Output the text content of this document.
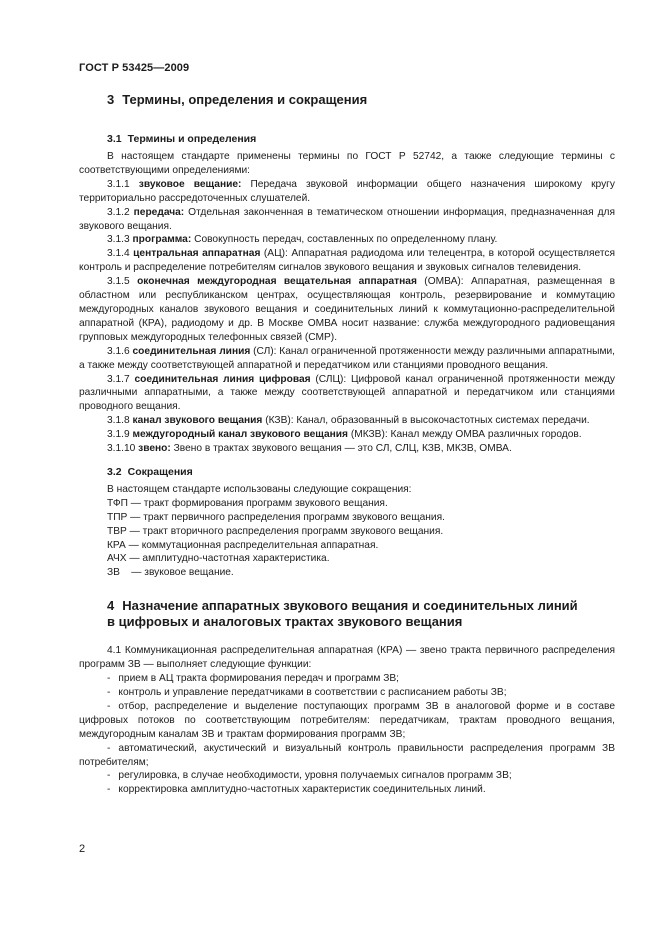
ГОСТ Р 53425—2009
3 Термины, определения и сокращения
3.1 Термины и определения

В настоящем стандарте применены термины по ГОСТ Р 52742, а также следующие термины с соответствующими определениями:

3.1.1 звуковое вещание: Передача звуковой информации общего назначения широкому кругу территориально рассредоточенных слушателей.

3.1.2 передача: Отдельная законченная в тематическом отношении информация, предназначенная для звукового вещания.

3.1.3 программа: Совокупность передач, составленных по определенному плану.

3.1.4 центральная аппаратная (АЦ): Аппаратная радиодома или телецентра, в которой осуществляется контроль и распределение потребителям сигналов звукового вещания и звуковых сигналов телевидения.

3.1.5 оконечная междугородная вещательная аппаратная (ОМВА): Аппаратная, размещенная в областном или республиканском центрах, осуществляющая контроль, резервирование и коммутацию междугородных каналов звукового вещания и соединительных линий к коммутационно-распределительной аппаратной (КРА), радиодому и др. В Москве ОМВА носит название: служба междугородного радиовещания групповых междугородных телефонных связей (СМР).

3.1.6 соединительная линия (СЛ): Канал ограниченной протяженности между различными аппаратными, а также между соответствующей аппаратной и передатчиком или станциями проводного вещания.

3.1.7 соединительная линия цифровая (СЛЦ): Цифровой канал ограниченной протяженности между различными аппаратными, а также между соответствующей аппаратной и передатчиком или станциями проводного вещания.

3.1.8 канал звукового вещания (КЗВ): Канал, образованный в высокочастотных системах передачи.

3.1.9 междугородный канал звукового вещания (МКЗВ): Канал между ОМВА различных городов.

3.1.10 звено: Звено в трактах звукового вещания — это СЛ, СЛЦ, КЗВ, МКЗВ, ОМВА.

3.2 Сокращения

В настоящем стандарте использованы следующие сокращения:

ТФП — тракт формирования программ звукового вещания.

ТПР — тракт первичного распределения программ звукового вещания.

ТВР — тракт вторичного распределения программ звукового вещания.

КРА — коммутационная распределительная аппаратная.

АЧХ — амплитудно-частотная характеристика.

ЗВ    — звуковое вещание.

4 Назначение аппаратных звукового вещания и соединительных линий
в цифровых и аналоговых трактах звукового вещания

4.1 Коммуникационная распределительная аппаратная (КРА) — звено тракта первичного распределения программ ЗВ — выполняет следующие функции:

- прием в АЦ тракта формирования передач и программ ЗВ;

- контроль и управление передатчиками в соответствии с расписанием работы ЗВ;

- отбор, распределение и выделение поступающих программ ЗВ в аналоговой форме и в составе цифровых потоков по соответствующим потребителям: передатчикам, трактам проводного вещания, междугородным каналам ЗВ и трактам формирования программ ЗВ;

- автоматический, акустический и визуальный контроль правильности распределения программ ЗВ потребителям;

- регулировка, в случае необходимости, уровня получаемых сигналов программ ЗВ;

- корректировка амплитудно-частотных характеристик соединительных линий.

2
